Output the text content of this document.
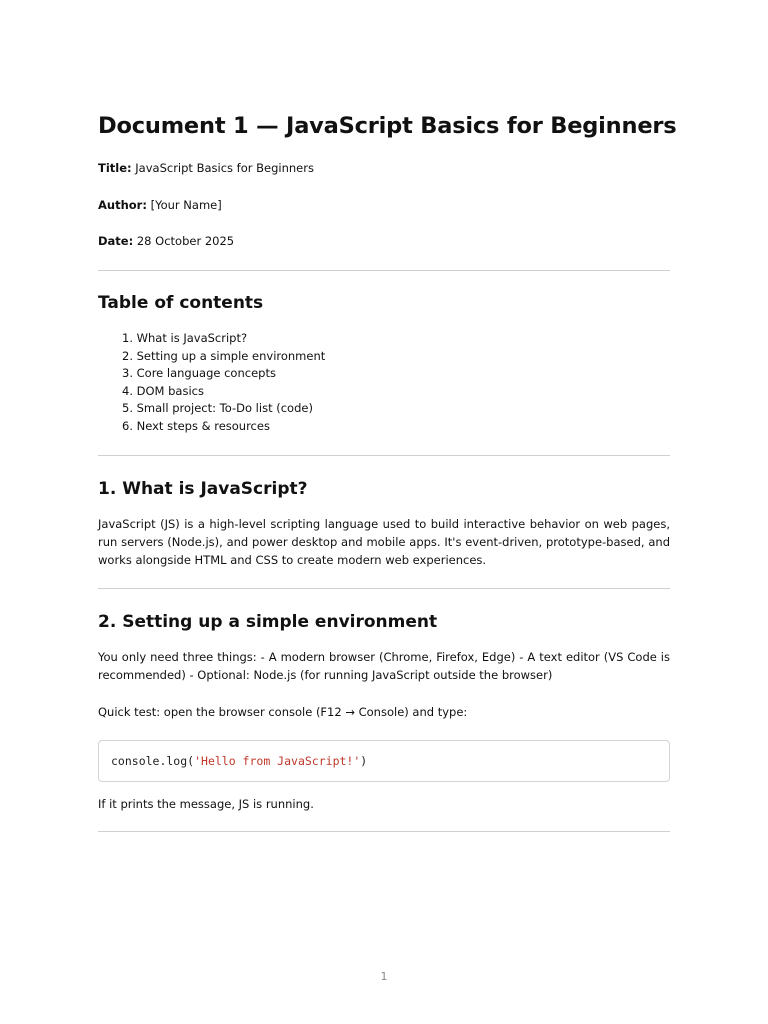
Document 1 — JavaScript Basics for Beginners

Title: JavaScript Basics for Beginners

Author: [Your Name]

Date: 28 October 2025

Table of contents
1. What is JavaScript?
2. Setting up a simple environment
3. Core language concepts
4. DOM basics
5. Small project: To-Do list (code)
6. Next steps & resources
1. What is JavaScript?

JavaScript (JS) is a high-level scripting language used to build interactive behavior on web pages, run servers (Node.js), and power desktop and mobile apps. It's event-driven, prototype-based, and works alongside HTML and CSS to create modern web experiences.

2. Setting up a simple environment

You only need three things: - A modern browser (Chrome, Firefox, Edge) - A text editor (VS Code is recommended) - Optional: Node.js (for running JavaScript outside the browser)

Quick test: open the browser console (F12 → Console) and type:

console.log('Hello from JavaScript!')

If it prints the message, JS is running.

1
